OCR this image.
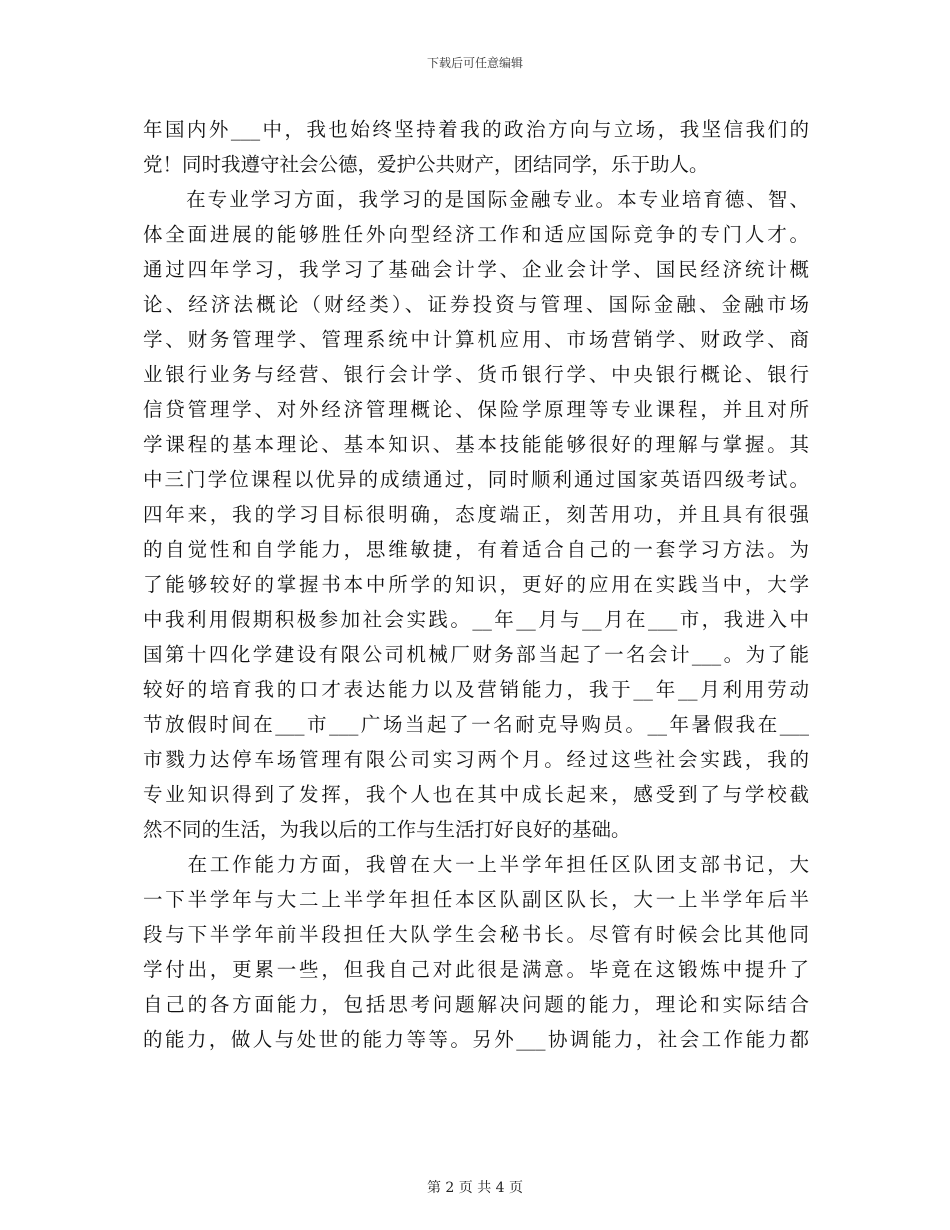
下载后可任意编辑
年国内外___中，我也始终坚持着我的政治方向与立场，我坚信我们的
党！同时我遵守社会公德，爱护公共财产，团结同学，乐于助人。
　　在专业学习方面，我学习的是国际金融专业。本专业培育德、智、
体全面进展的能够胜任外向型经济工作和适应国际竞争的专门人才。
通过四年学习，我学习了基础会计学、企业会计学、国民经济统计概
论、经济法概论（财经类）、证券投资与管理、国际金融、金融市场
学、财务管理学、管理系统中计算机应用、市场营销学、财政学、商
业银行业务与经营、银行会计学、货币银行学、中央银行概论、银行
信贷管理学、对外经济管理概论、保险学原理等专业课程，并且对所
学课程的基本理论、基本知识、基本技能能够很好的理解与掌握。其
中三门学位课程以优异的成绩通过，同时顺利通过国家英语四级考试。
四年来，我的学习目标很明确，态度端正，刻苦用功，并且具有很强
的自觉性和自学能力，思维敏捷，有着适合自己的一套学习方法。为
了能够较好的掌握书本中所学的知识，更好的应用在实践当中，大学
中我利用假期积极参加社会实践。__年__月与__月在___市，我进入中
国第十四化学建设有限公司机械厂财务部当起了一名会计___。为了能
较好的培育我的口才表达能力以及营销能力，我于__年__月利用劳动
节放假时间在___市___广场当起了一名耐克导购员。__年暑假我在___
市戮力达停车场管理有限公司实习两个月。经过这些社会实践，我的
专业知识得到了发挥，我个人也在其中成长起来，感受到了与学校截
然不同的生活，为我以后的工作与生活打好良好的基础。
　　在工作能力方面，我曾在大一上半学年担任区队团支部书记，大
一下半学年与大二上半学年担任本区队副区队长，大一上半学年后半
段与下半学年前半段担任大队学生会秘书长。尽管有时候会比其他同
学付出，更累一些，但我自己对此很是满意。毕竟在这锻炼中提升了
自己的各方面能力，包括思考问题解决问题的能力，理论和实际结合
的能力，做人与处世的能力等等。另外___协调能力，社会工作能力都
第 2 页 共 4 页
